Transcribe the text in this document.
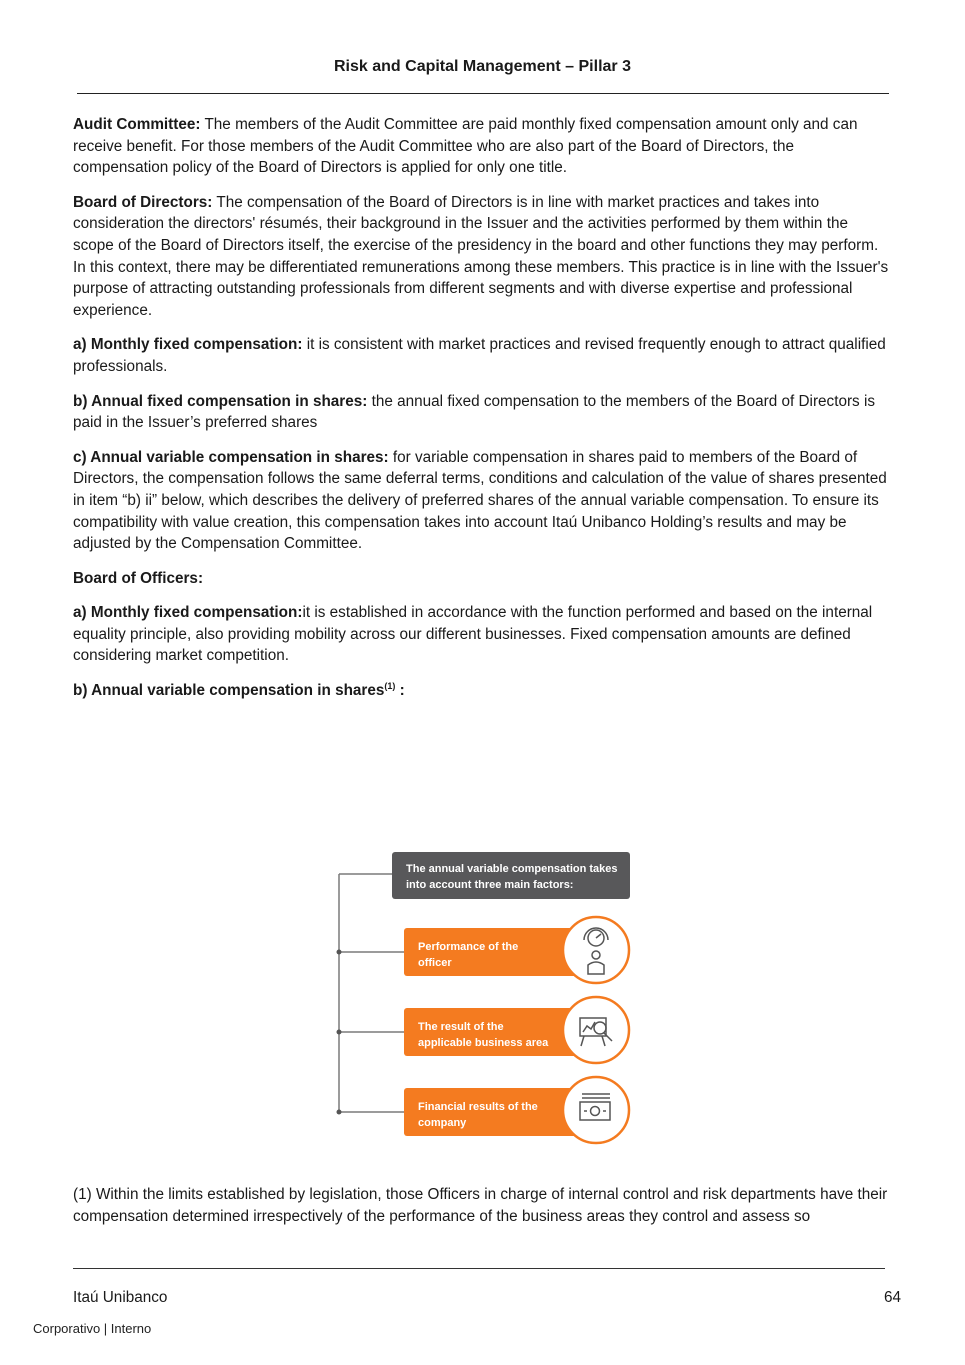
Risk and Capital Management – Pillar 3

Audit Committee: The members of the Audit Committee are paid monthly fixed compensation amount only and can receive benefit. For those members of the Audit Committee who are also part of the Board of Directors, the compensation policy of the Board of Directors is applied for only one title.

Board of Directors: The compensation of the Board of Directors is in line with market practices and takes into consideration the directors' résumés, their background in the Issuer and the activities performed by them within the scope of the Board of Directors itself, the exercise of the presidency in the board and other functions they may perform. In this context, there may be differentiated remunerations among these members. This practice is in line with the Issuer's purpose of attracting outstanding professionals from different segments and with diverse expertise and professional experience.

a) Monthly fixed compensation: it is consistent with market practices and revised frequently enough to attract qualified professionals.

b) Annual fixed compensation in shares: the annual fixed compensation to the members of the Board of Directors is paid in the Issuer’s preferred shares

c) Annual variable compensation in shares: for variable compensation in shares paid to members of the Board of Directors, the compensation follows the same deferral terms, conditions and calculation of the value of shares presented in item “b) ii” below, which describes the delivery of preferred shares of the annual variable compensation. To ensure its compatibility with value creation, this compensation takes into account Itaú Unibanco Holding’s results and may be adjusted by the Compensation Committee.

Board of Officers:

a) Monthly fixed compensation:it is established in accordance with the function performed and based on the internal equality principle, also providing mobility across our different businesses. Fixed compensation amounts are defined considering market competition.

b) Annual variable compensation in shares$^{(1)}$ :

The annual variable compensation takes
into account three main factors:
Performance of the
officer
The result of the
applicable business area
Financial results of the
company
(1) Within the limits established by legislation, those Officers in charge of internal control and risk departments have their compensation determined irrespectively of the performance of the business areas they control and assess so
Itaú Unibanco	64
Corporativo | Interno
